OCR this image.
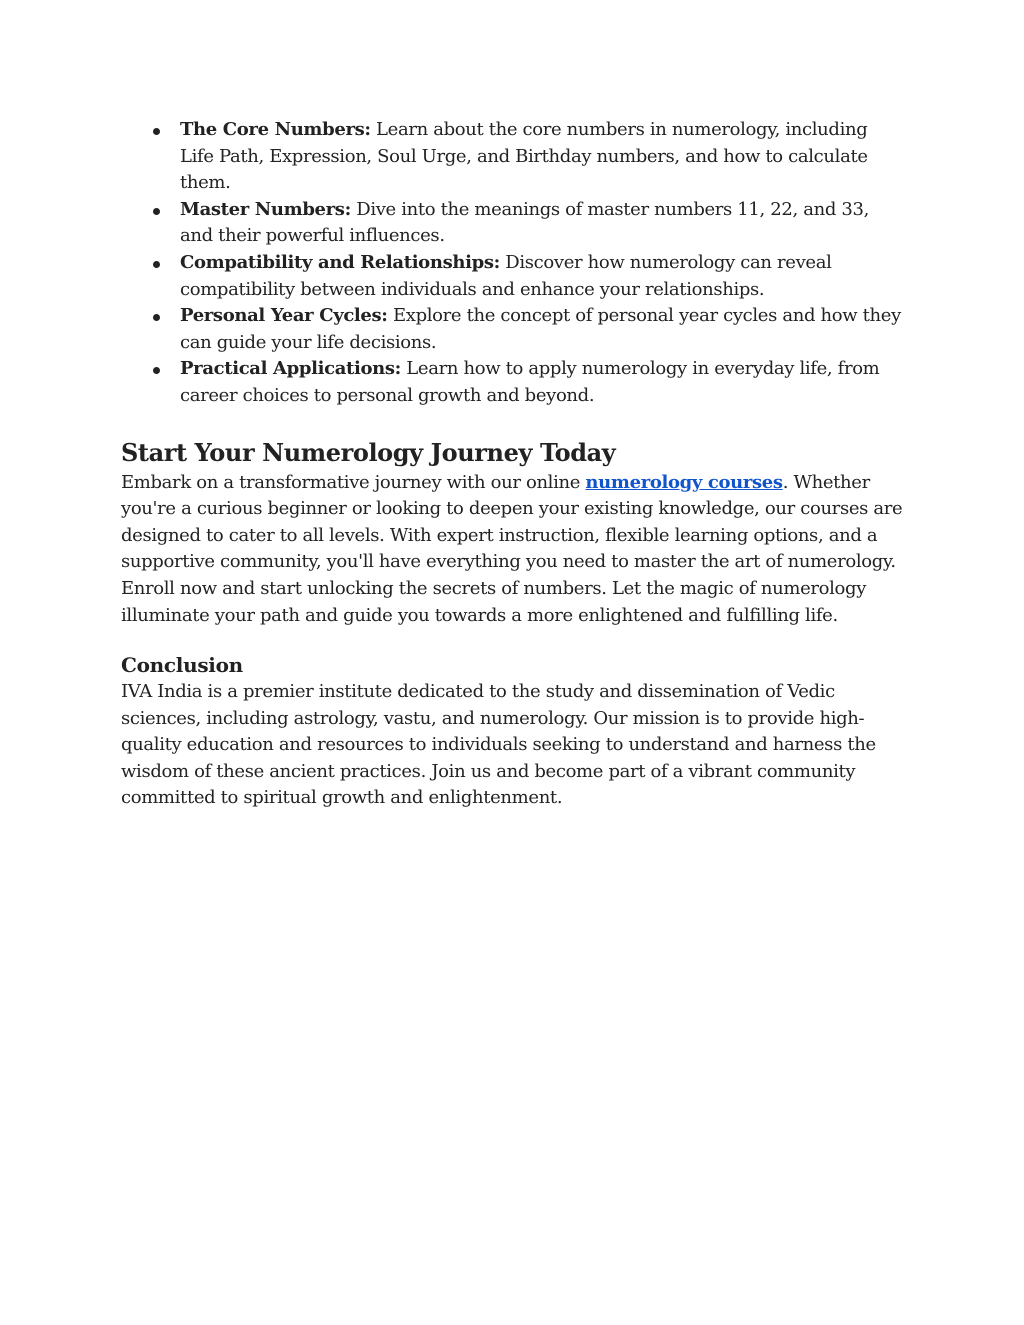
The Core Numbers: Learn about the core numbers in numerology, including Life Path, Expression, Soul Urge, and Birthday numbers, and how to calculate them.
Master Numbers: Dive into the meanings of master numbers 11, 22, and 33, and their powerful influences.
Compatibility and Relationships: Discover how numerology can reveal compatibility between individuals and enhance your relationships.
Personal Year Cycles: Explore the concept of personal year cycles and how they can guide your life decisions.
Practical Applications: Learn how to apply numerology in everyday life, from career choices to personal growth and beyond.
Start Your Numerology Journey Today

Embark on a transformative journey with our online numerology courses. Whether you're a curious beginner or looking to deepen your existing knowledge, our courses are designed to cater to all levels. With expert instruction, flexible learning options, and a supportive community, you'll have everything you need to master the art of numerology.

Enroll now and start unlocking the secrets of numbers. Let the magic of numerology illuminate your path and guide you towards a more enlightened and fulfilling life.

Conclusion

IVA India is a premier institute dedicated to the study and dissemination of Vedic sciences, including astrology, vastu, and numerology. Our mission is to provide high-quality education and resources to individuals seeking to understand and harness the wisdom of these ancient practices. Join us and become part of a vibrant community committed to spiritual growth and enlightenment.
